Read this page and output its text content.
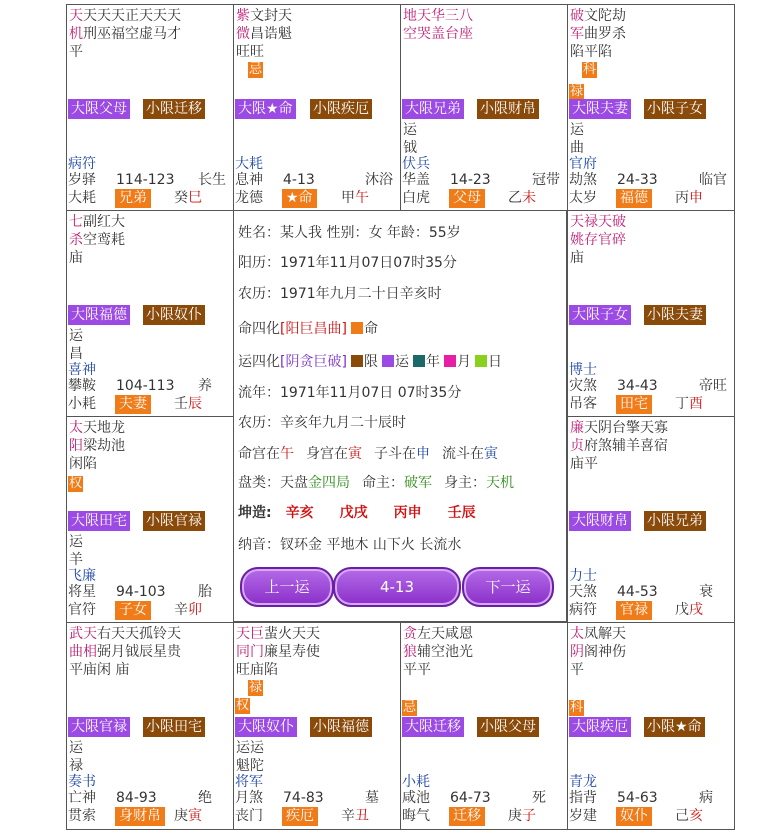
天天天天正天天天
机刑巫福空虚马才
平
大限父母 小限迁移
病符
岁驿 114-123 长生
大耗 兄弟 癸巳
紫文封天
微昌诰魁
旺旺
忌
大限★命 小限疾厄
大耗
息神 4-13	沐浴
龙德 ★命 甲午
地天华三八
空哭盖台座
大限兄弟 小限财帛
运
钺
伏兵
华盖 14-23	冠带
白虎 父母 乙未
破文陀劫
军曲罗杀
陷平陷
科
禄
大限夫妻 小限子女
运
曲
官府
劫煞 24-33	临官
太岁 福德 丙申
七副红大
杀空鸾耗
庙
大限福德 小限奴仆
运
昌
喜神
攀鞍 104-113 养
小耗 夫妻 壬辰
天禄天破
姚存官碎
庙
大限子女 小限夫妻
博士
灾煞 34-43	帝旺
吊客 田宅 丁酉
太天地龙
阳梁劫池
闲陷
权
大限田宅 小限官禄
运
羊
飞廉
将星 94-103 胎
官符 子女 辛卯
廉天阴台擎天寡
贞府煞辅羊喜宿
庙平
大限财帛 小限兄弟
力士
天煞 44-53	衰
病符 官禄 戊戌
武天右天天孤铃天
曲相弼月钺辰星贵
平庙闲 庙
大限官禄 小限田宅
运
禄
奏书
亡神 84-93	绝
贯索 身财帛 庚寅
天巨蜚火天天
同门廉星寿使
旺庙陷
禄
权
大限奴仆 小限福德
运运
魁陀
将军
月煞 74-83	墓
丧门 疾厄 辛丑
贪左天咸恩
狼辅空池光
平平
忌
大限迁移 小限父母
小耗
咸池 64-73	死
晦气 迁移 庚子
太凤解天
阴阁神伤
平
科
大限疾厄 小限★命
青龙
指背 54-63	病
岁建 奴仆 己亥
姓名：某人我 性别：女 年龄：55岁
阳历：1971年11月07日07时35分
农历：1971年九月二十日辛亥时
命四化[阳巨昌曲] 命
运四化[阴贪巨破] 限 运 年 月 日
流年：1971年11月07日 07时35分
农历：辛亥年九月二十辰时
命宫在午 身宫在寅 子斗在申 流斗在寅
盘类：天盘金四局 命主：破军 身主：天机
坤造: 辛亥 戊戌 丙申 壬辰
纳音：钗环金 平地木 山下火 长流水
上一运	4-13	下一运
